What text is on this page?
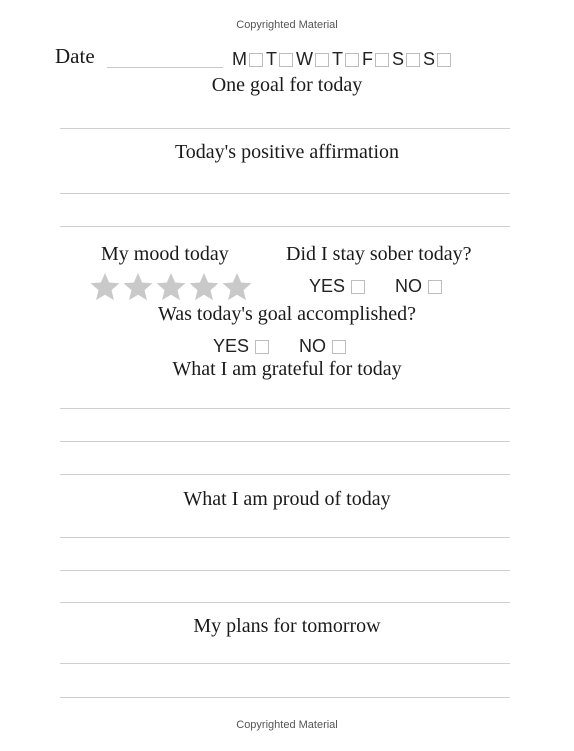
Copyrighted Material
Date	M T W T F S S
One goal for today
Today's positive affirmation
My mood today	Did I stay sober today?
YES	NO
Was today's goal accomplished?
YES	NO
What I am grateful for today
What I am proud of today
My plans for tomorrow
Copyrighted Material
